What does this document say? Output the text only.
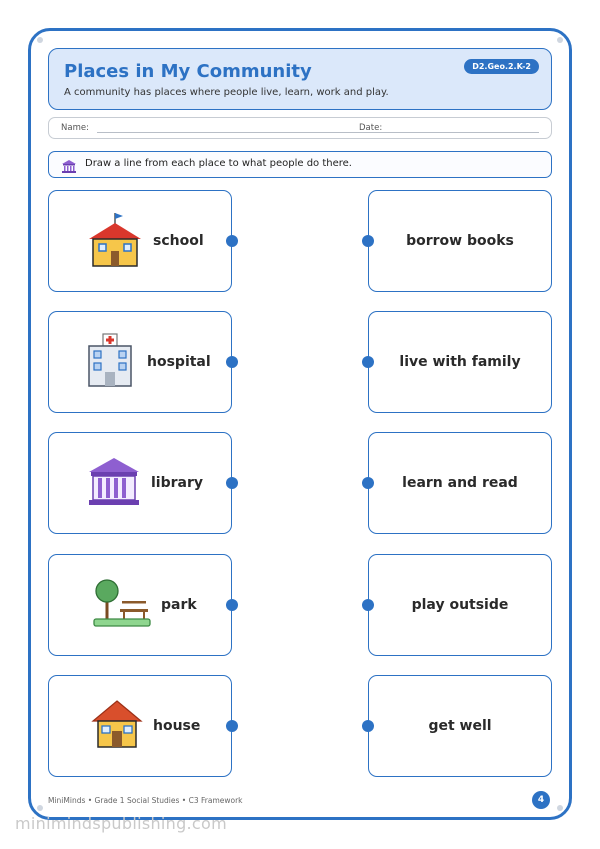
Places in My Community
A community has places where people live, learn, work and play.
D2.Geo.2.K-2
Name:	Date:
Draw a line from each place to what people do there.
school
hospital
library
park
house
borrow books
live with family
learn and read
play outside
get well
MiniMinds • Grade 1 Social Studies • C3 Framework	4
minimindspublishing.com
